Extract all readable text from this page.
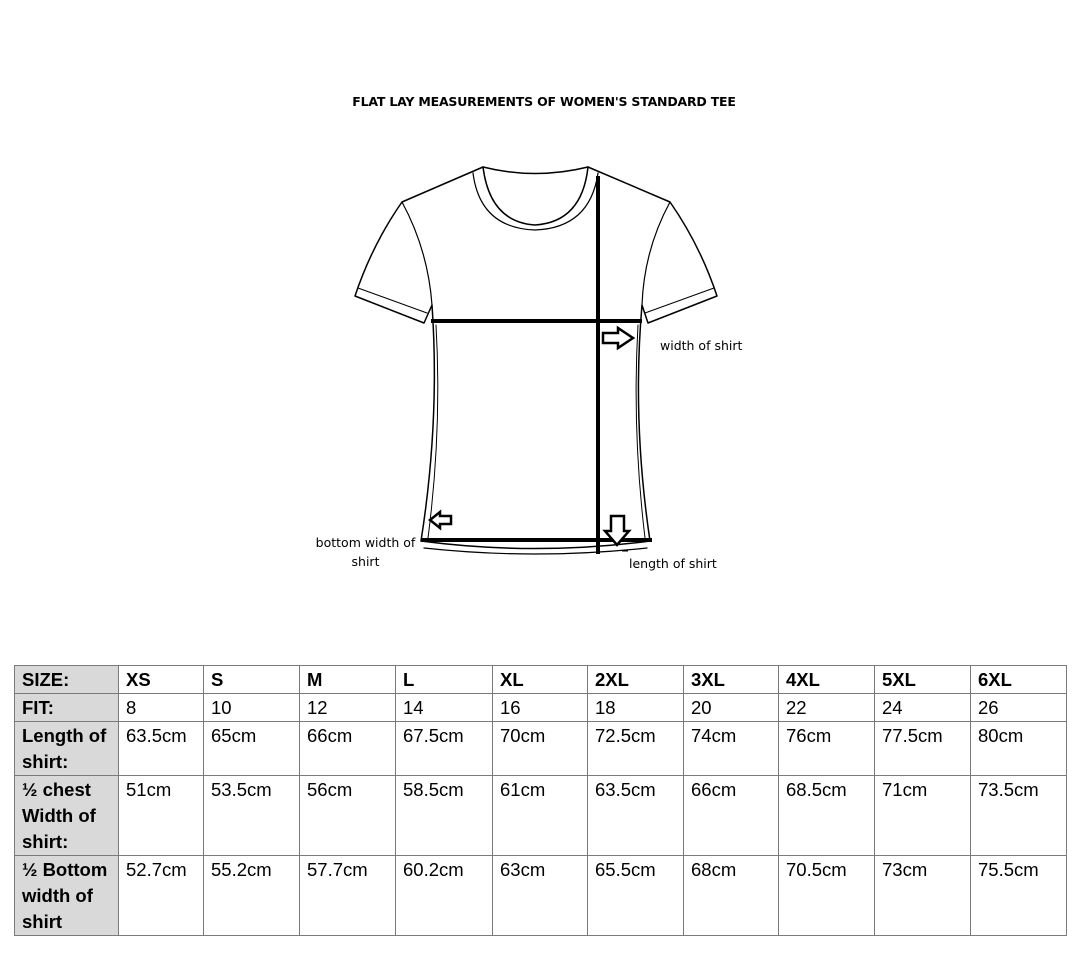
FLAT LAY MEASUREMENTS OF WOMEN'S STANDARD TEE
width of shirt
length of shirt
bottom width of
shirt
SIZE:	XS	S	M	L	XL	2XL	3XL	4XL	5XL	6XL
FIT:	8	10	12	14	16	18	20	22	24	26
Length of shirt:	63.5cm	65cm	66cm	67.5cm	70cm	72.5cm	74cm	76cm	77.5cm	80cm
½ chest Width of shirt:	51cm	53.5cm	56cm	58.5cm	61cm	63.5cm	66cm	68.5cm	71cm	73.5cm
½ Bottom width of shirt	52.7cm	55.2cm	57.7cm	60.2cm	63cm	65.5cm	68cm	70.5cm	73cm	75.5cm
